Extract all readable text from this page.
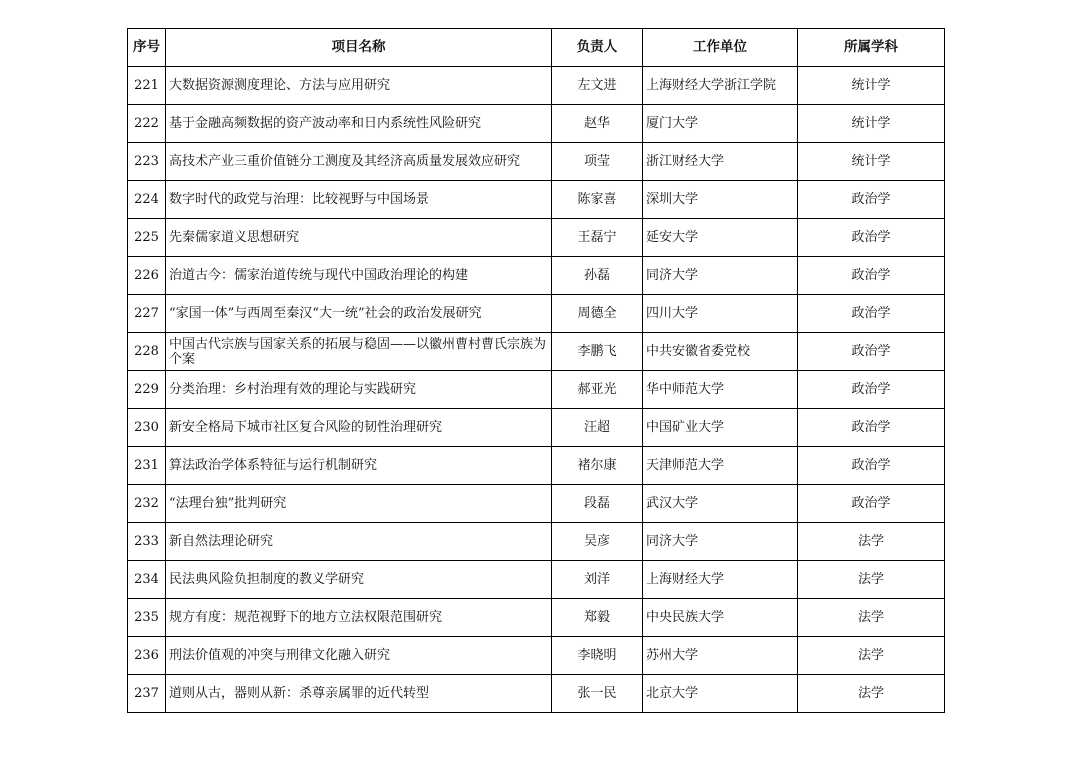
序号	项目名称	负责人	工作单位	所属学科
221	大数据资源测度理论、方法与应用研究	左文进	上海财经大学浙江学院	统计学
222	基于金融高频数据的资产波动率和日内系统性风险研究	赵华	厦门大学	统计学
223	高技术产业三重价值链分工测度及其经济高质量发展效应研究	项莹	浙江财经大学	统计学
224	数字时代的政党与治理：比较视野与中国场景	陈家喜	深圳大学	政治学
225	先秦儒家道义思想研究	王磊宁	延安大学	政治学
226	治道古今：儒家治道传统与现代中国政治理论的构建	孙磊	同济大学	政治学
227	“家国一体”与西周至秦汉“大一统”社会的政治发展研究	周德全	四川大学	政治学
228	中国古代宗族与国家关系的拓展与稳固——以徽州曹村曹氏宗族为个案	李鹏飞	中共安徽省委党校	政治学
229	分类治理：乡村治理有效的理论与实践研究	郝亚光	华中师范大学	政治学
230	新安全格局下城市社区复合风险的韧性治理研究	汪超	中国矿业大学	政治学
231	算法政治学体系特征与运行机制研究	褚尔康	天津师范大学	政治学
232	“法理台独”批判研究	段磊	武汉大学	政治学
233	新自然法理论研究	吴彦	同济大学	法学
234	民法典风险负担制度的教义学研究	刘洋	上海财经大学	法学
235	规方有度：规范视野下的地方立法权限范围研究	郑毅	中央民族大学	法学
236	刑法价值观的冲突与刑律文化融入研究	李晓明	苏州大学	法学
237	道则从古，器则从新：杀尊亲属罪的近代转型	张一民	北京大学	法学
